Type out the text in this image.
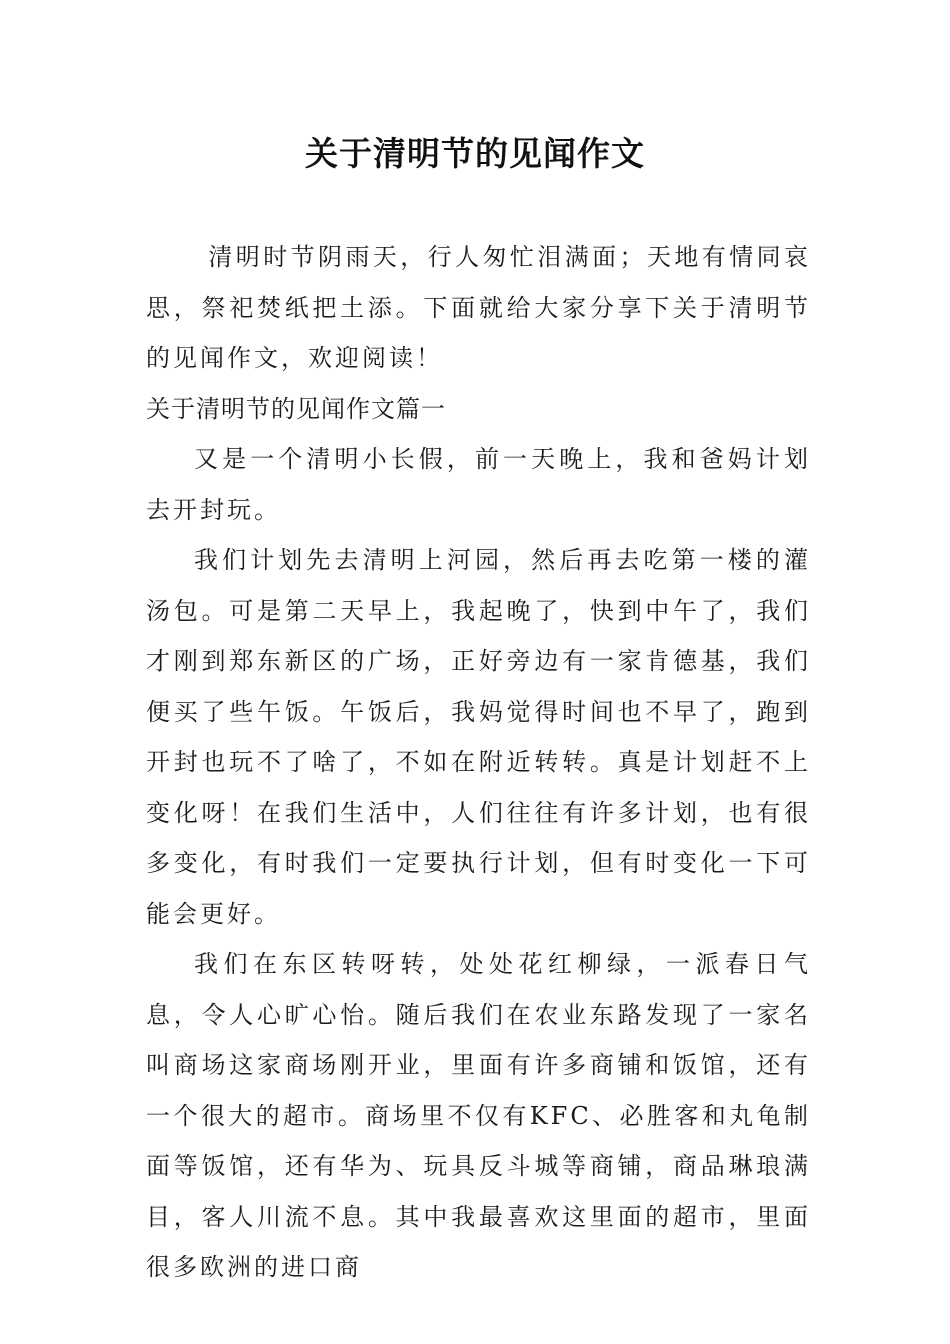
关于清明节的见闻作文

清明时节阴雨天，行人匆忙泪满面；天地有情同哀思，祭祀焚纸把土添。下面就给大家分享下关于清明节的见闻作文，欢迎阅读！

关于清明节的见闻作文篇一

又是一个清明小长假，前一天晚上，我和爸妈计划去开封玩。

我们计划先去清明上河园，然后再去吃第一楼的灌汤包。可是第二天早上，我起晚了，快到中午了，我们才刚到郑东新区的广场，正好旁边有一家肯德基，我们便买了些午饭。午饭后，我妈觉得时间也不早了，跑到开封也玩不了啥了，不如在附近转转。真是计划赶不上变化呀！在我们生活中，人们往往有许多计划，也有很多变化，有时我们一定要执行计划，但有时变化一下可能会更好。

我们在东区转呀转，处处花红柳绿，一派春日气息，令人心旷心怡。随后我们在农业东路发现了一家名叫商场这家商场刚开业，里面有许多商铺和饭馆，还有一个很大的超市。商场里不仅有KFC、必胜客和丸龟制面等饭馆，还有华为、玩具反斗城等商铺，商品琳琅满目，客人川流不息。其中我最喜欢这里面的超市，里面很多欧洲的进口商
